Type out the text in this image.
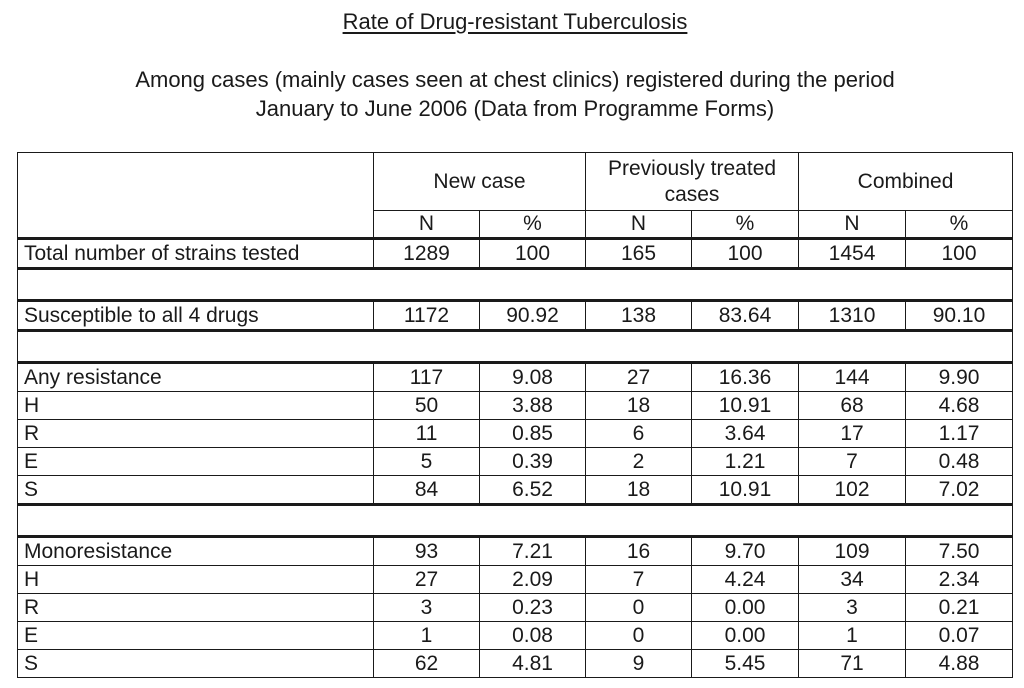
Rate of Drug-resistant Tuberculosis
Among cases (mainly cases seen at chest clinics) registered during the period
January to June 2006 (Data from Programme Forms)
	New case		Previously treated cases		Combined	
	N	%	N	%	N	%
Total number of strains tested	1289	100	165	100	1454	100

Susceptible to all 4 drugs	1172	90.92	138	83.64	1310	90.10

Any resistance	117	9.08	27	16.36	144	9.90
H	50	3.88	18	10.91	68	4.68
R	11	0.85	6	3.64	17	1.17
E	5	0.39	2	1.21	7	0.48
S	84	6.52	18	10.91	102	7.02

Monoresistance	93	7.21	16	9.70	109	7.50
H	27	2.09	7	4.24	34	2.34
R	3	0.23	0	0.00	3	0.21
E	1	0.08	0	0.00	1	0.07
S	62	4.81	9	5.45	71	4.88
